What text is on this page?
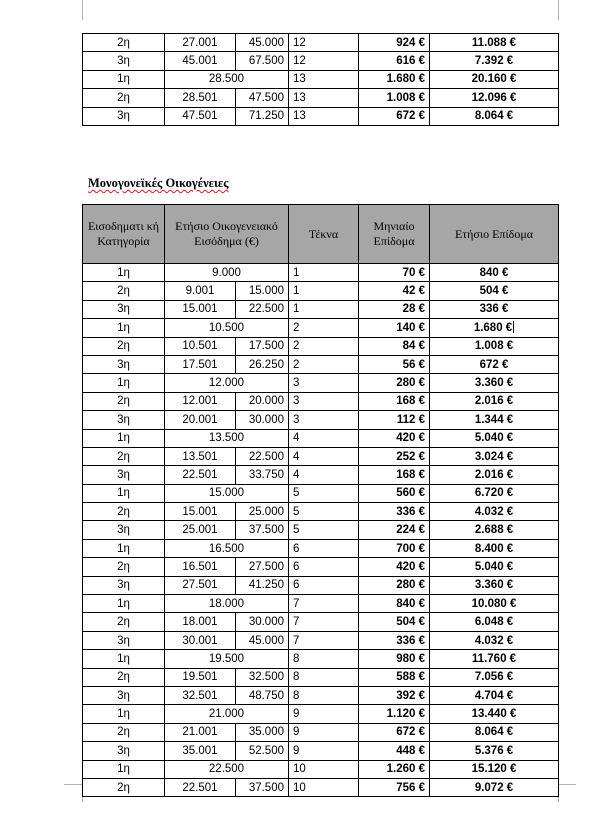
2η	27.001	45.000	12	924 €	11.088 €
3η	45.001	67.500	12	616 €	7.392 €
1η	28.500		13	1.680 €	20.160 €
2η	28.501	47.500	13	1.008 €	12.096 €
3η	47.501	71.250	13	672 €	8.064 €
Μονογονεϊκές Οικογένειες
Εισοδηματι κή Κατηγορία	Ετήσιο Οικογενειακό Εισόδημα (€)		Τέκνα	Μηνιαίο Επίδομα	Ετήσιο Επίδομα
1η	9.000		1	70 €	840 €
2η	9.001	15.000	1	42 €	504 €
3η	15.001	22.500	1	28 €	336 €
1η	10.500		2	140 €	1.680 €
2η	10.501	17.500	2	84 €	1.008 €
3η	17.501	26.250	2	56 €	672 €
1η	12.000		3	280 €	3.360 €
2η	12.001	20.000	3	168 €	2.016 €
3η	20.001	30.000	3	112 €	1.344 €
1η	13.500		4	420 €	5.040 €
2η	13.501	22.500	4	252 €	3.024 €
3η	22.501	33.750	4	168 €	2.016 €
1η	15.000		5	560 €	6.720 €
2η	15.001	25.000	5	336 €	4.032 €
3η	25.001	37.500	5	224 €	2.688 €
1η	16.500		6	700 €	8.400 €
2η	16.501	27.500	6	420 €	5.040 €
3η	27.501	41.250	6	280 €	3.360 €
1η	18.000		7	840 €	10.080 €
2η	18.001	30.000	7	504 €	6.048 €
3η	30.001	45.000	7	336 €	4.032 €
1η	19.500		8	980 €	11.760 €
2η	19.501	32.500	8	588 €	7.056 €
3η	32.501	48.750	8	392 €	4.704 €
1η	21.000		9	1.120 €	13.440 €
2η	21.001	35.000	9	672 €	8.064 €
3η	35.001	52.500	9	448 €	5.376 €
1η	22.500		10	1.260 €	15.120 €
2η	22.501	37.500	10	756 €	9.072 €
